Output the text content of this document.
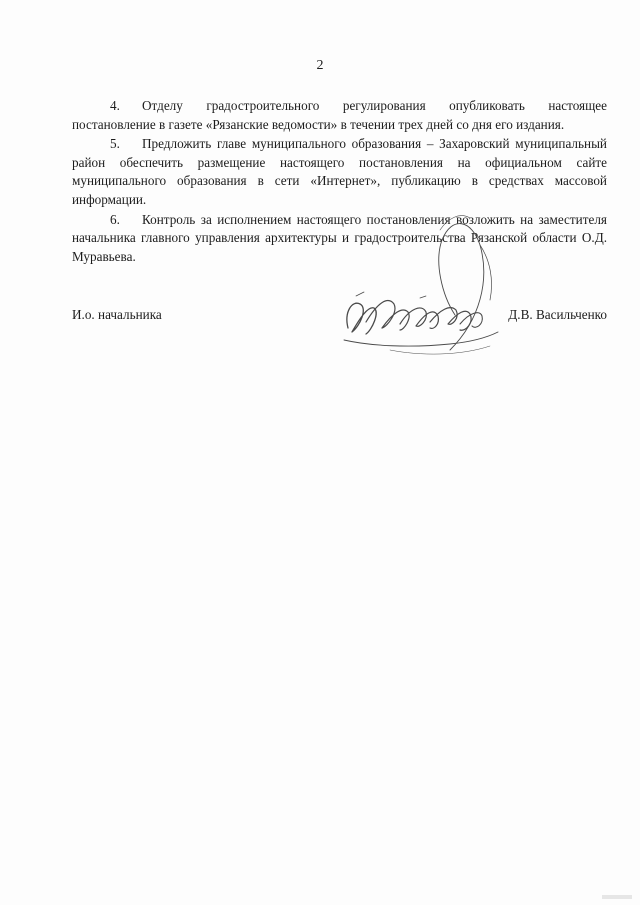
2

4. Отделу градостроительного регулирования опубликовать настоящее постановление в газете «Рязанские ведомости» в течении трех дней со дня его издания.

5. Предложить главе муниципального образования – Захаровский муниципальный район обеспечить размещение настоящего постановления на официальном сайте муниципального образования в сети «Интернет», публикацию в средствах массовой информации.

6. Контроль за исполнением настоящего постановления возложить на заместителя начальника главного управления архитектуры и градостроительства Рязанской области О.Д. Муравьева.

И.о. начальника	Д.В. Васильченко
